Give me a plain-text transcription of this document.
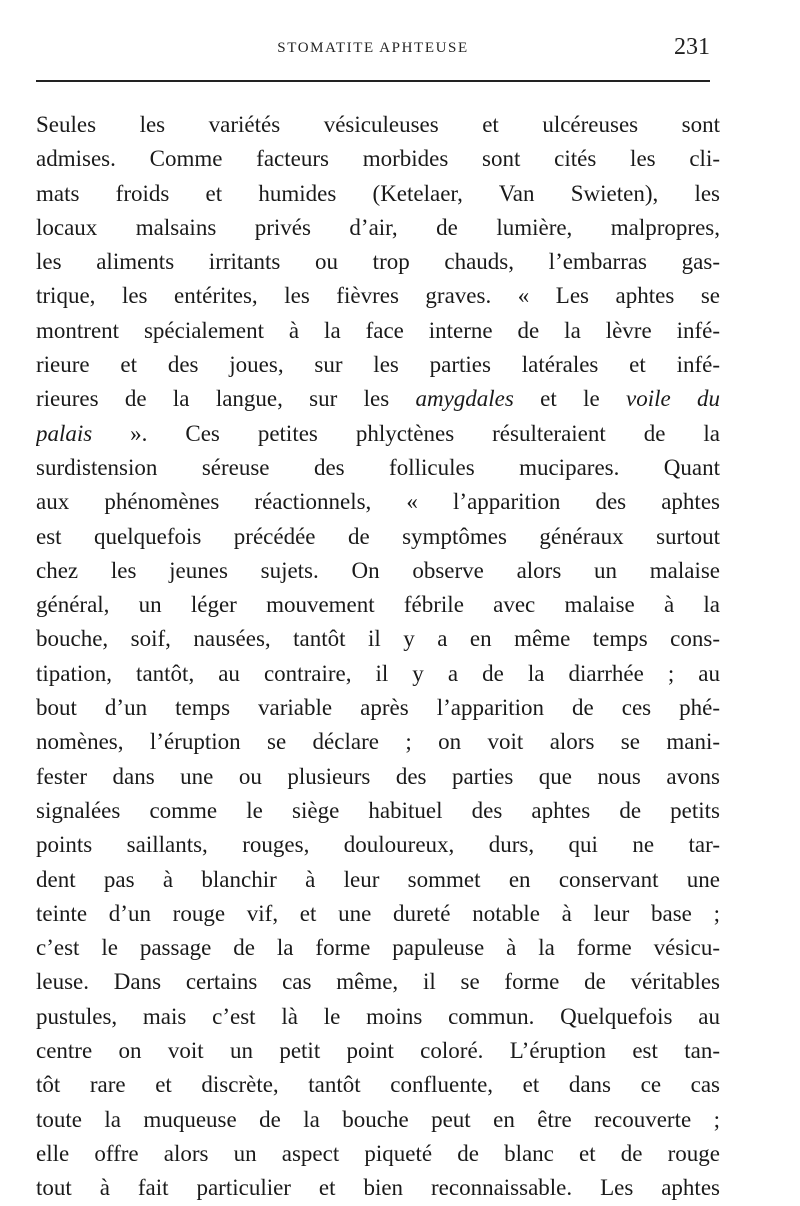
STOMATITE APHTEUSE	231
Seules les variétés vésiculeuses et ulcéreuses sont
admises. Comme facteurs morbides sont cités les cli-
mats froids et humides (Ketelaer, Van Swieten), les
locaux malsains privés d’air, de lumière, malpropres,
les aliments irritants ou trop chauds, l’embarras gas-
trique, les entérites, les fièvres graves. « Les aphtes se
montrent spécialement à la face interne de la lèvre infé-
rieure et des joues, sur les parties latérales et infé-
rieures de la langue, sur les amygdales et le voile du
palais ». Ces petites phlyctènes résulteraient de la
surdistension séreuse des follicules mucipares. Quant
aux phénomènes réactionnels, « l’apparition des aphtes
est quelquefois précédée de symptômes généraux surtout
chez les jeunes sujets. On observe alors un malaise
général, un léger mouvement fébrile avec malaise à la
bouche, soif, nausées, tantôt il y a en même temps cons-
tipation, tantôt, au contraire, il y a de la diarrhée ; au
bout d’un temps variable après l’apparition de ces phé-
nomènes, l’éruption se déclare ; on voit alors se mani-
fester dans une ou plusieurs des parties que nous avons
signalées comme le siège habituel des aphtes de petits
points saillants, rouges, douloureux, durs, qui ne tar-
dent pas à blanchir à leur sommet en conservant une
teinte d’un rouge vif, et une dureté notable à leur base ;
c’est le passage de la forme papuleuse à la forme vésicu-
leuse. Dans certains cas même, il se forme de véritables
pustules, mais c’est là le moins commun. Quelquefois au
centre on voit un petit point coloré. L’éruption est tan-
tôt rare et discrète, tantôt confluente, et dans ce cas
toute la muqueuse de la bouche peut en être recouverte ;
elle offre alors un aspect piqueté de blanc et de rouge
tout à fait particulier et bien reconnaissable. Les aphtes
